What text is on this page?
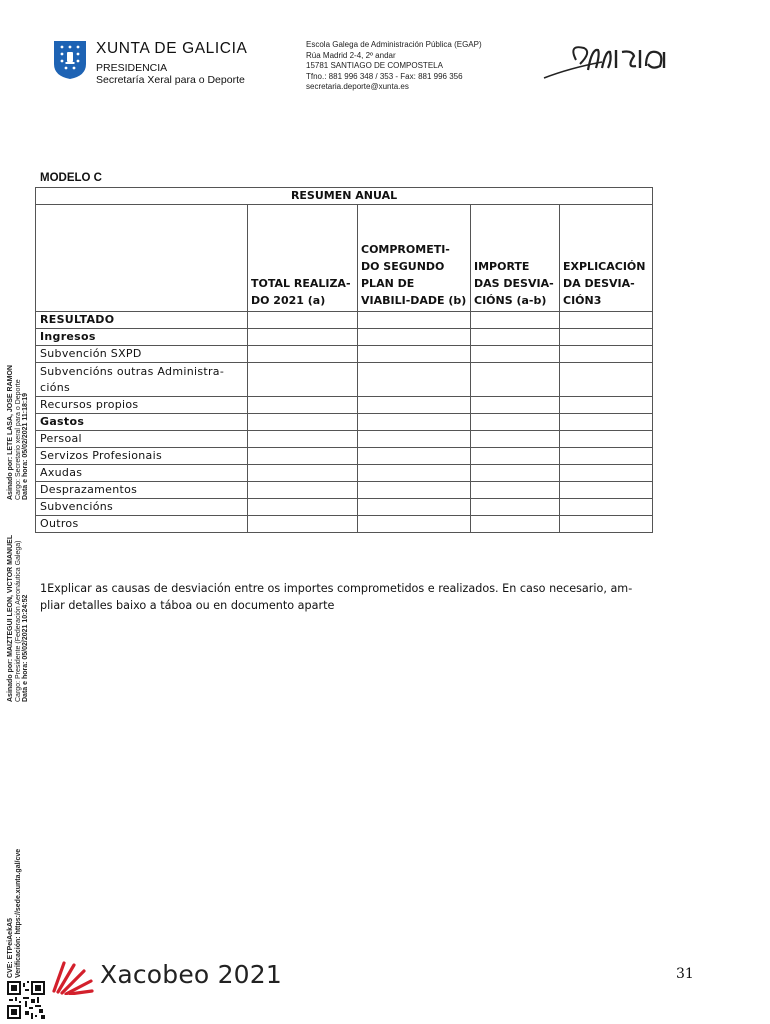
XUNTA DE GALICIA
PRESIDENCIA
Secretaría Xeral para o Deporte
Escola Galega de Administración Pública (EGAP)
Rúa Madrid 2-4, 2º andar
15781 SANTIAGO DE COMPOSTELA
Tfno.: 881 996 348 / 353 - Fax: 881 996 356
secretaria.deporte@xunta.es
MODELO C
RESUMEN ANUAL				
	TOTAL REALIZA-DO 2021 (a)	COMPROMETI-DO SEGUNDO PLAN DE VIABILI-DADE (b)	IMPORTE DAS DESVIA-CIÓNS (a-b)	EXPLICACIÓN DA DESVIA-CIÓN3
RESULTADO				
Ingresos				
Subvención SXPD				
Subvencións outras Administra-cións				
Recursos propios				
Gastos				
Persoal				
Servizos Profesionais				
Axudas				
Desprazamentos				
Subvencións				
Outros				
1Explicar as causas de desviación entre os importes comprometidos e realizados. En caso necesario, am-pliar detalles baixo a táboa ou en documento aparte
Asinado por: LETE LASA, JOSE RAMON Cargo: Secretario xeral para o Deporte Data e hora: 05/02/2021 11:18:19
Asinado por: MAIZTEGUI LEON, VICTOR MANUEL Cargo: Presidente (Federación Aeronáutica Galega) Data e hora: 05/02/2021 10:24:52
CVE: ETPeiAekA5 Verificación: https://sede.xunta.gal/cve	Xacobeo 2021	31
